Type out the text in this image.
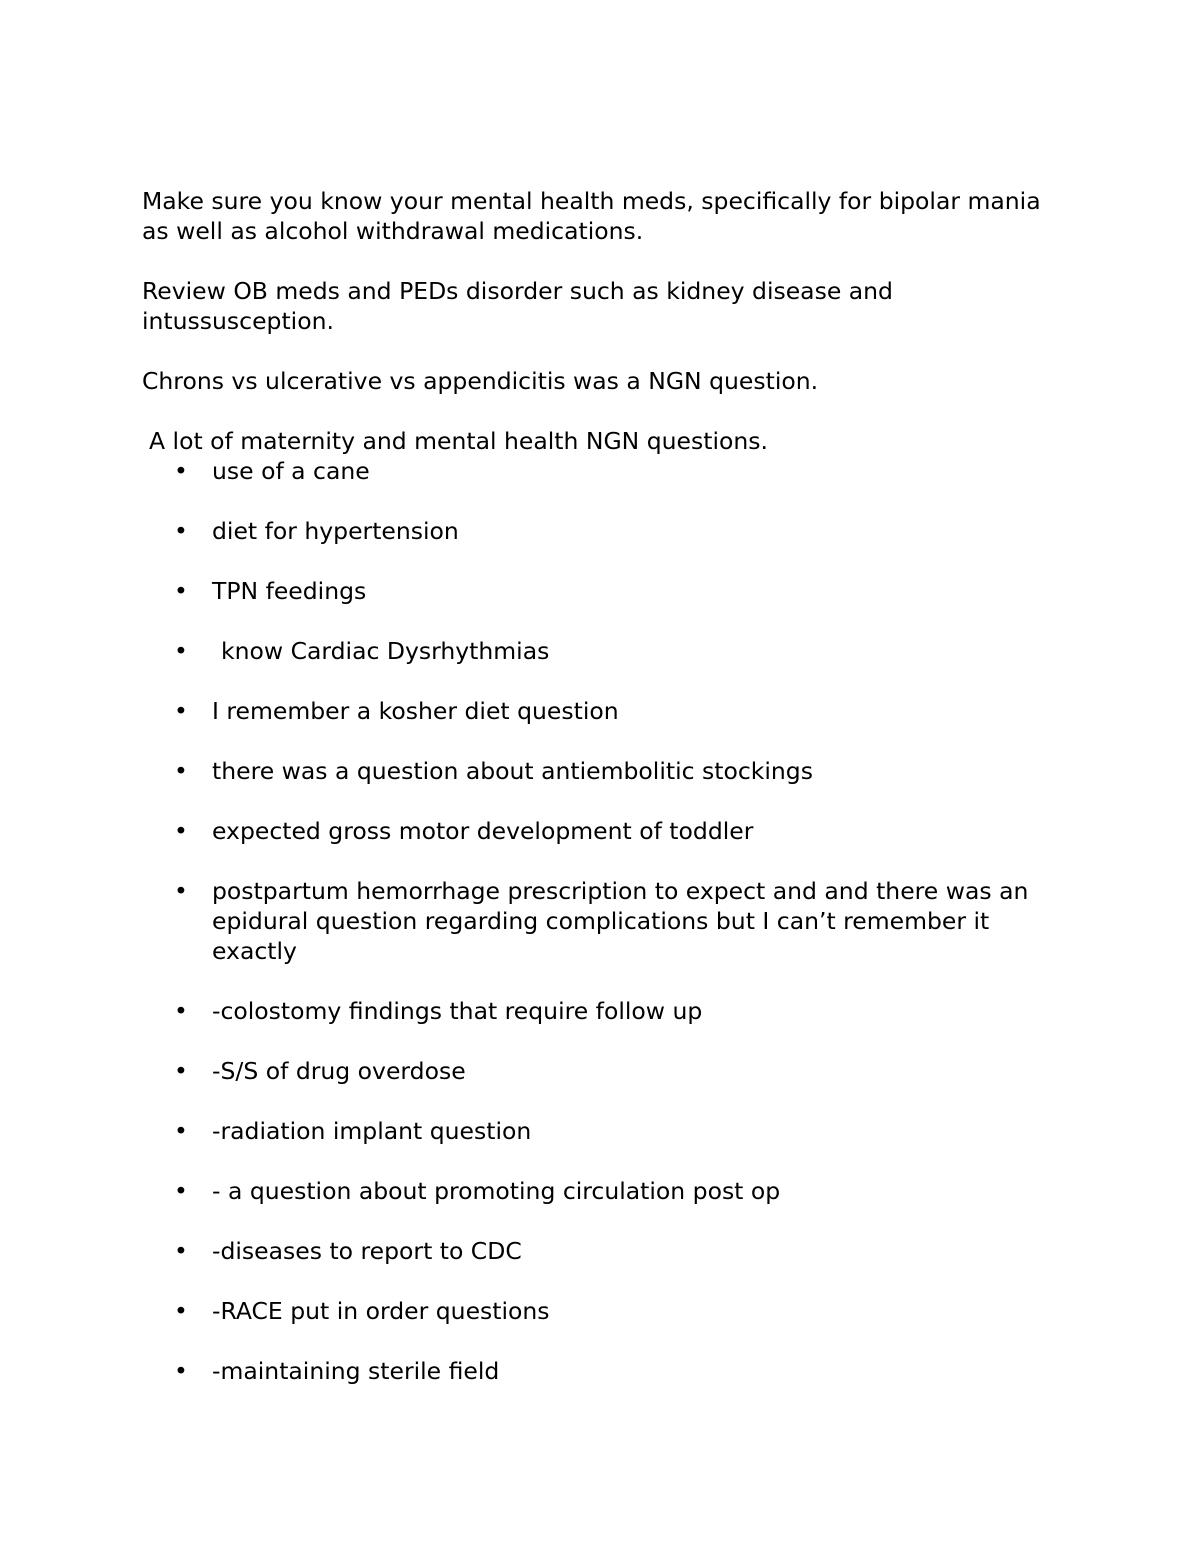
Make sure you know your mental health meds, specifically for bipolar mania as well as alcohol withdrawal medications.

Review OB meds and PEDs disorder such as kidney disease and intussusception.

Chrons vs ulcerative vs appendicitis was a NGN question.

A lot of maternity and mental health NGN questions.

• use of a cane
• diet for hypertension
• TPN feedings
• know Cardiac Dysrhythmias
• I remember a kosher diet question
• there was a question about antiembolitic stockings
• expected gross motor development of toddler
• postpartum hemorrhage prescription to expect and and there was an epidural question regarding complications but I can’t remember it exactly
• -colostomy findings that require follow up
• -S/S of drug overdose
• -radiation implant question
• - a question about promoting circulation post op
• -diseases to report to CDC
• -RACE put in order questions
• -maintaining sterile field
